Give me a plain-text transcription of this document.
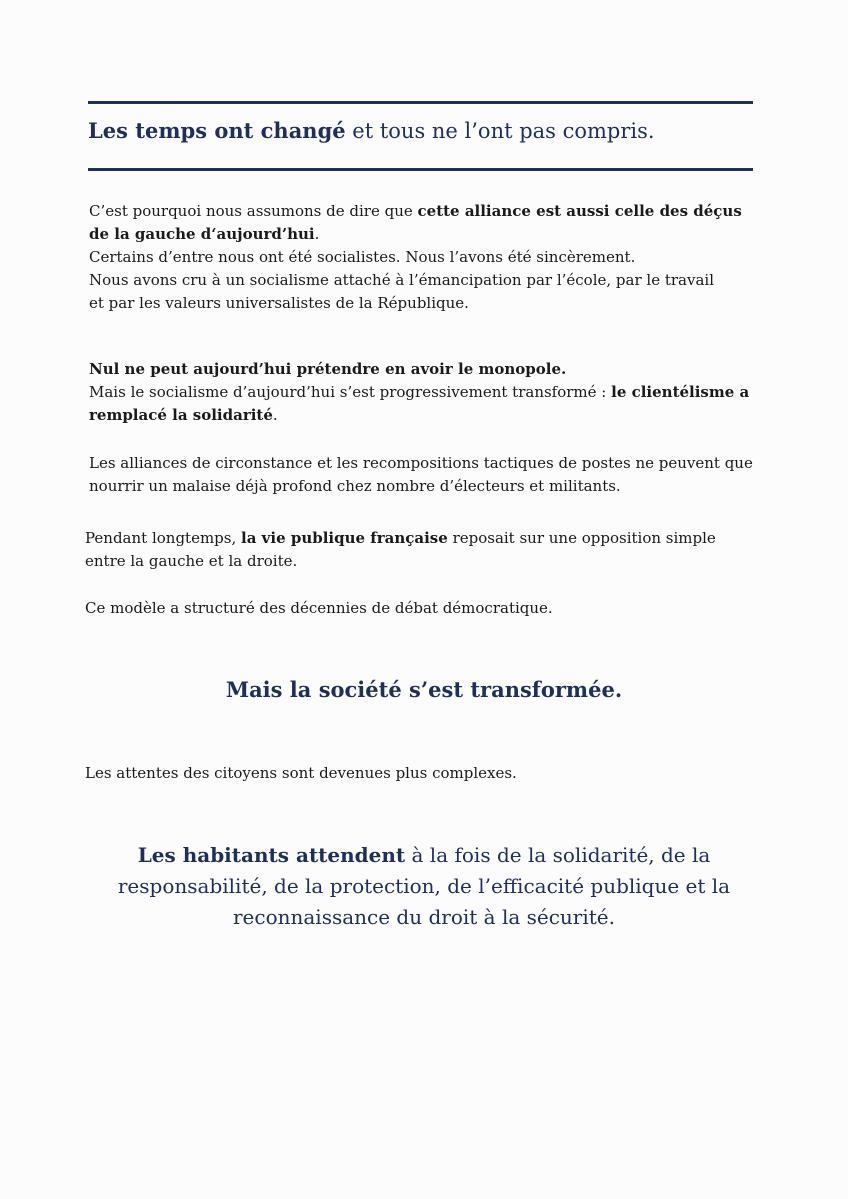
Les temps ont changé et tous ne l’ont pas compris.
C’est pourquoi nous assumons de dire que cette alliance est aussi celle des déçus
de la gauche d‘aujourd’hui.
Certains d’entre nous ont été socialistes. Nous l’avons été sincèrement.
Nous avons cru à un socialisme attaché à l’émancipation par l’école, par le travail
et par les valeurs universalistes de la République.
Nul ne peut aujourd’hui prétendre en avoir le monopole.
Mais le socialisme d’aujourd’hui s’est progressivement transformé : le clientélisme a
remplacé la solidarité.
Les alliances de circonstance et les recompositions tactiques de postes ne peuvent que
nourrir un malaise déjà profond chez nombre d’électeurs et militants.
Pendant longtemps, la vie publique française reposait sur une opposition simple
entre la gauche et la droite.
Ce modèle a structuré des décennies de débat démocratique.
Mais la société s’est transformée.
Les attentes des citoyens sont devenues plus complexes.
Les habitants attendent à la fois de la solidarité, de la
responsabilité, de la protection, de l’efficacité publique et la
reconnaissance du droit à la sécurité.
